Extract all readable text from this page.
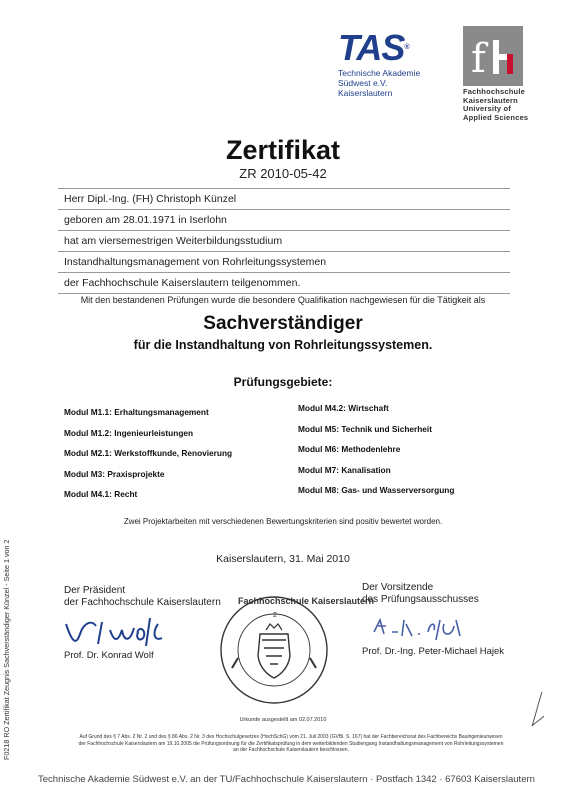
TAS®
Technische Akademie
Südwest e.V.
Kaiserslautern
f
Fachhochschule
Kaiserslautern
University of
Applied Sciences
Zertifikat
ZR 2010-05-42
Herr Dipl.-Ing. (FH) Christoph Künzel
geboren am 28.01.1971 in Iserlohn
hat am viersemestrigen Weiterbildungsstudium
Instandhaltungsmanagement von Rohrleitungssystemen
der Fachhochschule Kaiserslautern teilgenommen.
Mit den bestandenen Prüfungen wurde die besondere Qualifikation nachgewiesen für die Tätigkeit als
Sachverständiger
für die Instandhaltung von Rohrleitungssystemen.
Prüfungsgebiete:
Modul M1.1: Erhaltungsmanagement
Modul M1.2: Ingenieurleistungen
Modul M2.1: Werkstoffkunde, Renovierung
Modul M3: Praxisprojekte
Modul M4.1: Recht
Modul M4.2: Wirtschaft
Modul M5: Technik und Sicherheit
Modul M6: Methodenlehre
Modul M7: Kanalisation
Modul M8: Gas- und Wasserversorgung
Zwei Projektarbeiten mit verschiedenen Bewertungskriterien sind positiv bewertet worden.
Kaiserslautern, 31. Mai 2010
Der Präsident
der Fachhochschule Kaiserslautern
Prof. Dr. Konrad Wolf
Der Vorsitzende
des Prüfungsausschusses
Prof. Dr.-Ing. Peter-Michael Hajek
Fachhochschule Kaiserslautern
2
Urkunde ausgestellt am 02.07.2010
Auf Grund des § 7 Abs. 2 Nr. 2 und des § 86 Abs. 2 Nr. 3 des Hochschulgesetzes (HochSchG) vom 21. Juli 2003 (GVBl. S. 167) hat der Fachbereichsrat des Fachbereichs Bauingenieurwesen der Fachhochschule Kaiserslautern am 19.10.2005 die Prüfungsordnung für die Zertifikatsprüfung in dem weiterbildenden Studiengang Instandhaltungsmanagement von Rohrleitungssystemen an der Fachhochschule Kaiserslautern beschlossen.
Technische Akademie Südwest e.V. an der TU/Fachhochschule Kaiserslautern · Postfach 1342 · 67603 Kaiserslautern
F0218 RO Zertifikat Zeugnis Sachverständiger Künzel - Seite 1 von 2
